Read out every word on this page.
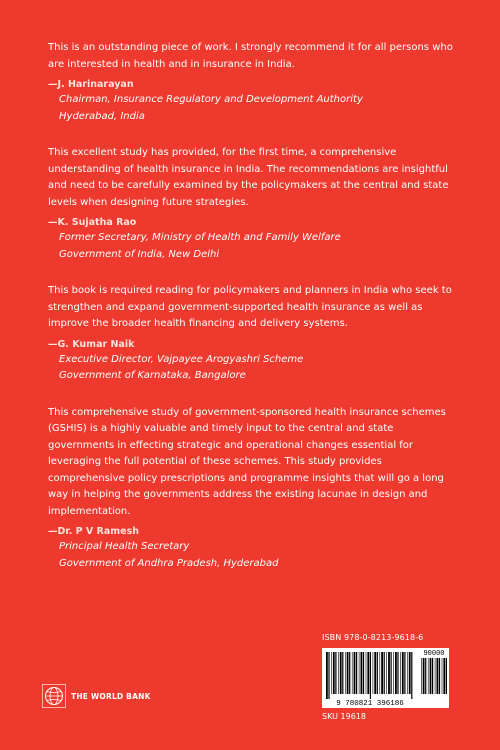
This is an outstanding piece of work. I strongly recommend it for all persons who are interested in health and in insurance in India.

—J. Harinarayan
Chairman, Insurance Regulatory and Development Authority
Hyderabad, India

This excellent study has provided, for the first time, a comprehensive understanding of health insurance in India. The recommendations are insightful and need to be carefully examined by the policymakers at the central and state levels when designing future strategies.

—K. Sujatha Rao
Former Secretary, Ministry of Health and Family Welfare
Government of India, New Delhi

This book is required reading for policymakers and planners in India who seek to strengthen and expand government-supported health insurance as well as improve the broader health financing and delivery systems.

—G. Kumar Naik
Executive Director, Vajpayee Arogyashri Scheme
Government of Karnataka, Bangalore

This comprehensive study of government-sponsored health insurance schemes (GSHIS) is a highly valuable and timely input to the central and state governments in effecting strategic and operational changes essential for leveraging the full potential of these schemes. This study provides comprehensive policy prescriptions and programme insights that will go a long way in helping the governments address the existing lacunae in design and implementation.

—Dr. P V Ramesh
Principal Health Secretary
Government of Andhra Pradesh, Hyderabad
ISBN 978-0-8213-9618-6
90000
9 780821 396186
SKU 19618
THE WORLD BANK
